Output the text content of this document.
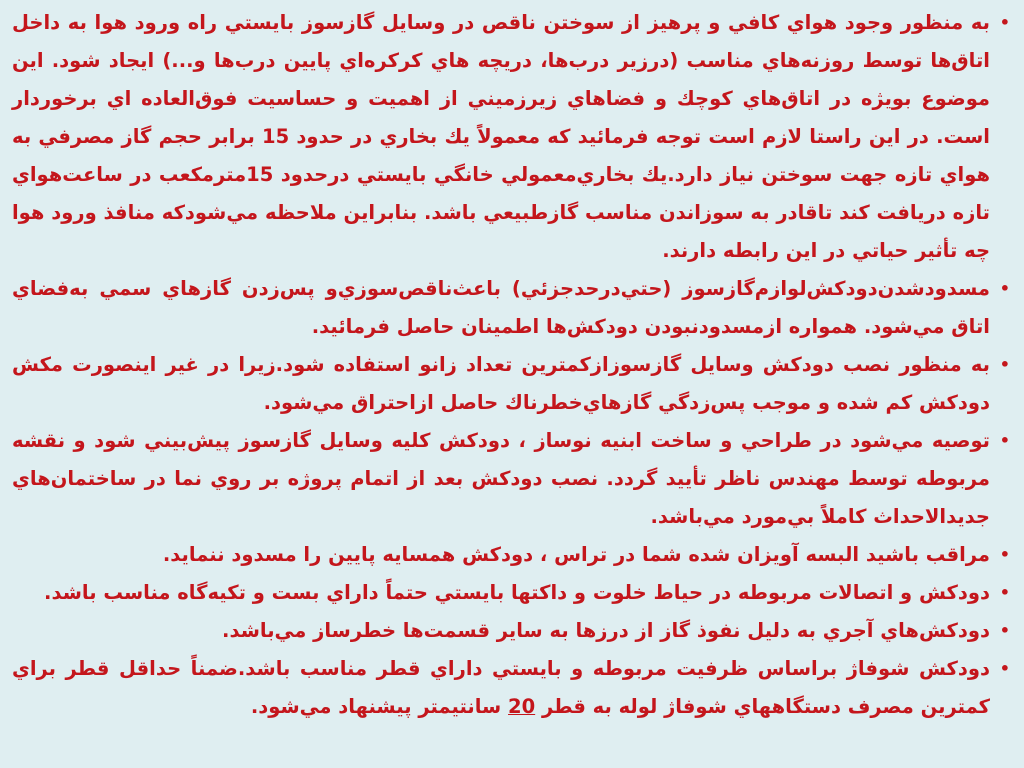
•
به منظور وجود هواي كافي و پرهيز از سوختن ناقص در وسايل گازسوز بايستي راه ورود هوا به داخل اتاق‌ها توسط روزنه‌هاي مناسب (درزير درب‌ها، دريچه هاي كركره‌اي پايين درب‌ها و...) ايجاد شود. اين موضوع بويژه در اتاق‌هاي كوچك و فضاهاي زيرزميني از اهميت و حساسيت فوق‌العاده اي برخوردار است. در اين راستا لازم است توجه فرمائيد كه معمولاً يك بخاري در حدود 15 برابر حجم گاز مصرفي به هواي تازه جهت سوختن نياز دارد.يك بخاري‌معمولي خانگي بايستي درحدود 15متر‌مكعب در ساعت‌هواي تازه دريافت كند تاقادر به سوزاندن مناسب گازطبيعي باشد. بنابراين ملاحظه مي‌شود‌كه منافذ ورود هوا چه تأثير حياتي در اين رابطه دارند.

•
مسدود‌شدن‌دودكش‌لوازم‌گازسوز (حتي‌درحدجزئي) باعث‌ناقص‌سوزي‌و پس‌زدن گازهاي سمي به‌فضاي اتاق مي‌شود. همواره ازمسدود‌نبودن دودكش‌ها اطمينان حاصل فرمائيد.

•
به منظور نصب دودكش وسايل گازسوزازكمترين تعداد زانو استفاده شود.زيرا در غير اينصورت مكش دودكش كم شده و موجب پس‌زدگي گازهاي‌خطرناك حاصل ازاحتراق مي‌شود.

•
توصيه مي‌شود در طراحي و ساخت ابنيه نوساز ، دودكش كليه وسايل گازسوز پيش‌بيني شود و نقشه مربوطه توسط مهندس ناظر تأييد گردد. نصب دودكش بعد از اتمام پروژه بر روي نما در ساختمان‌هاي جديدالاحداث كاملاً بي‌مورد مي‌باشد.

•
مراقب باشيد البسه آويزان شده شما در تراس ، دودكش همسايه پايين را مسدود ننمايد.

•
دودكش و اتصالات مربوطه در حياط خلوت و داكتها بايستي حتماً داراي بست و تكيه‌گاه مناسب باشد.

•
دودكش‌هاي آجري به دليل نفوذ گاز از درزها به ساير قسمت‌ها خطرساز مي‌باشد.

•
دودكش شوفاژ براساس ظرفيت مربوطه و بايستي داراي قطر مناسب باشد.ضمناً حداقل قطر براي كمترين مصرف دستگاههاي شوفاژ لوله به قطر 20 سانتيمتر پيشنهاد مي‌شود.
